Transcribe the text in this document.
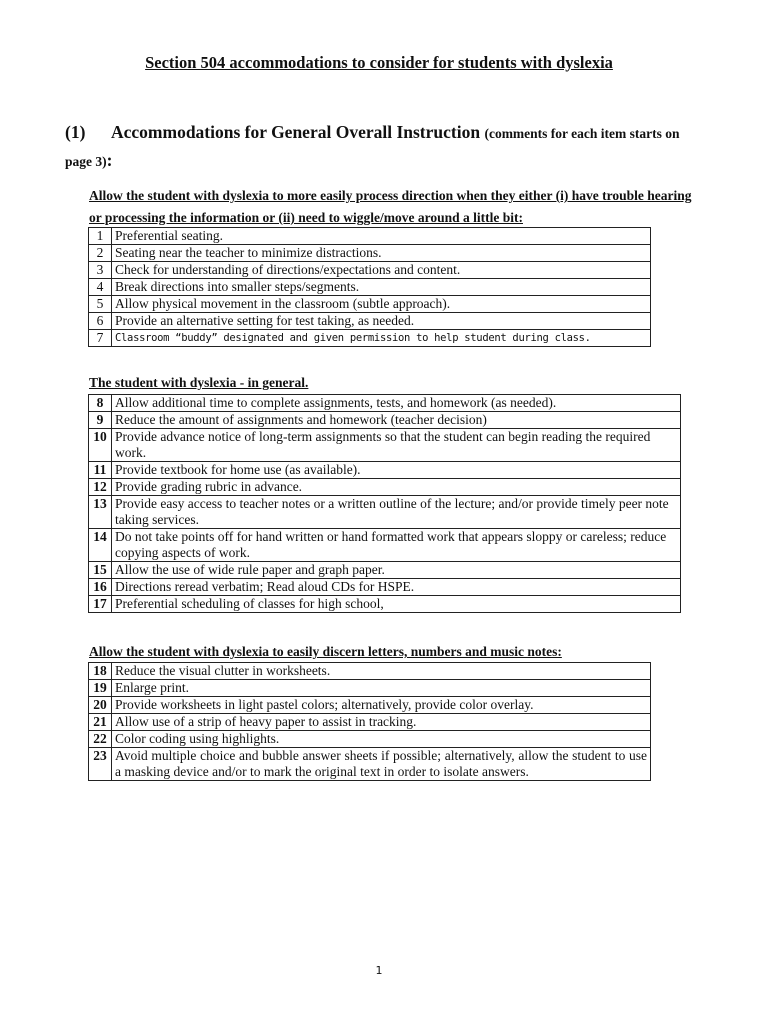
Section 504 accommodations to consider for students with dyslexia
(1) Accommodations for General Overall Instruction (comments for each item starts on page 3):
Allow the student with dyslexia to more easily process direction when they either (i) have trouble hearing or processing the information or (ii) need to wiggle/move around a little bit:
1	Preferential seating.
2	Seating near the teacher to minimize distractions.
3	Check for understanding of directions/expectations and content.
4	Break directions into smaller steps/segments.
5	Allow physical movement in the classroom (subtle approach).
6	Provide an alternative setting for test taking, as needed.
7	Classroom “buddy” designated and given permission to help student during class.
The student with dyslexia - in general.
8	Allow additional time to complete assignments, tests, and homework (as needed).
9	Reduce the amount of assignments and homework (teacher decision)
10	Provide advance notice of long-term assignments so that the student can begin reading the required work.
11	Provide textbook for home use (as available).
12	Provide grading rubric in advance.
13	Provide easy access to teacher notes or a written outline of the lecture; and/or provide timely peer note taking services.
14	Do not take points off for hand written or hand formatted work that appears sloppy or careless; reduce copying aspects of work.
15	Allow the use of wide rule paper and graph paper.
16	Directions reread verbatim; Read aloud CDs for HSPE.
17	Preferential scheduling of classes for high school,
Allow the student with dyslexia to easily discern letters, numbers and music notes:
18	Reduce the visual clutter in worksheets.
19	Enlarge print.
20	Provide worksheets in light pastel colors; alternatively, provide color overlay.
21	Allow use of a strip of heavy paper to assist in tracking.
22	Color coding using highlights.
23	Avoid multiple choice and bubble answer sheets if possible; alternatively, allow the student to use a masking device and/or to mark the original text in order to isolate answers.
1
